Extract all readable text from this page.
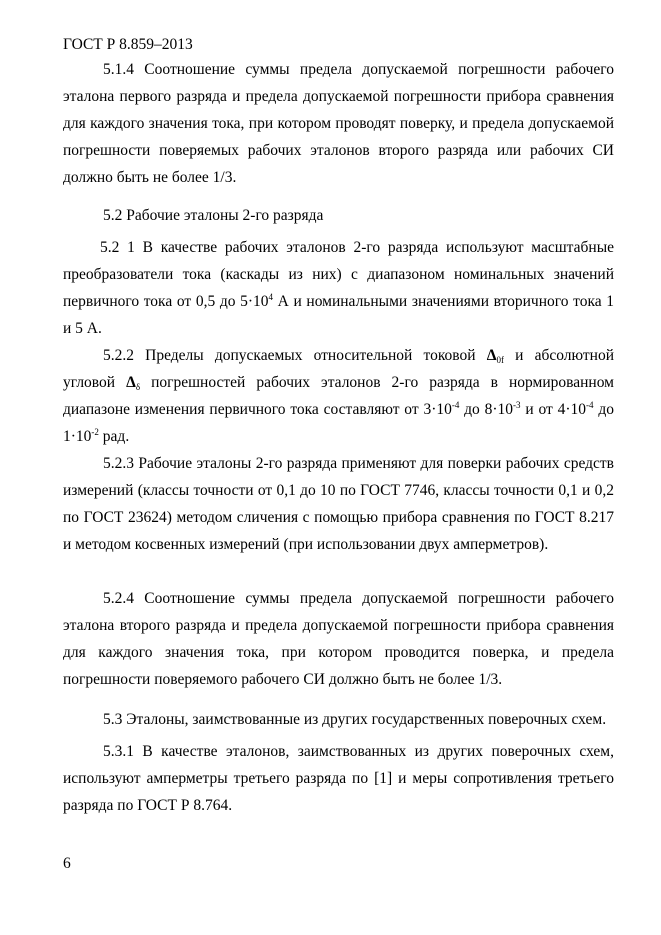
ГОСТ Р 8.859–2013
5.1.4 Соотношение суммы предела допускаемой погрешности рабочего эталона первого разряда и предела допускаемой погрешности прибора сравнения для каждого значения тока, при котором проводят поверку, и предела допускаемой погрешности поверяемых рабочих эталонов второго разряда или рабочих СИ должно быть не более 1/3.
5.2 Рабочие эталоны 2-го разряда
5.2 1 В качестве рабочих эталонов 2-го разряда используют масштабные преобразователи тока (каскады из них) с диапазоном номинальных значений первичного тока от 0,5 до $5\cdot 10^4$ А и номинальными значениями вторичного тока 1 и 5 А.
5.2.2 Пределы допускаемых относительной токовой $\Delta_{0f}$ и абсолютной угловой $\Delta_\delta$ погрешностей рабочих эталонов 2-го разряда в нормированном диапазоне изменения первичного тока составляют от $3\cdot 10^{-4}$ до $8\cdot 10^{-3}$ и от $4\cdot 10^{-4}$ до $1\cdot 10^{-2}$ рад.
5.2.3 Рабочие эталоны 2-го разряда применяют для поверки рабочих средств измерений (классы точности от 0,1 до 10 по ГОСТ 7746, классы точности 0,1 и 0,2 по ГОСТ 23624) методом сличения с помощью прибора сравнения по ГОСТ 8.217 и методом косвенных измерений (при использовании двух амперметров).
5.2.4 Соотношение суммы предела допускаемой погрешности рабочего эталона второго разряда и предела допускаемой погрешности прибора сравнения для каждого значения тока, при котором проводится поверка, и предела погрешности поверяемого рабочего СИ должно быть не более 1/3.
5.3 Эталоны, заимствованные из других государственных поверочных схем.
5.3.1 В качестве эталонов, заимствованных из других поверочных схем, используют амперметры третьего разряда по [1] и меры сопротивления третьего разряда по ГОСТ Р 8.764.
6
